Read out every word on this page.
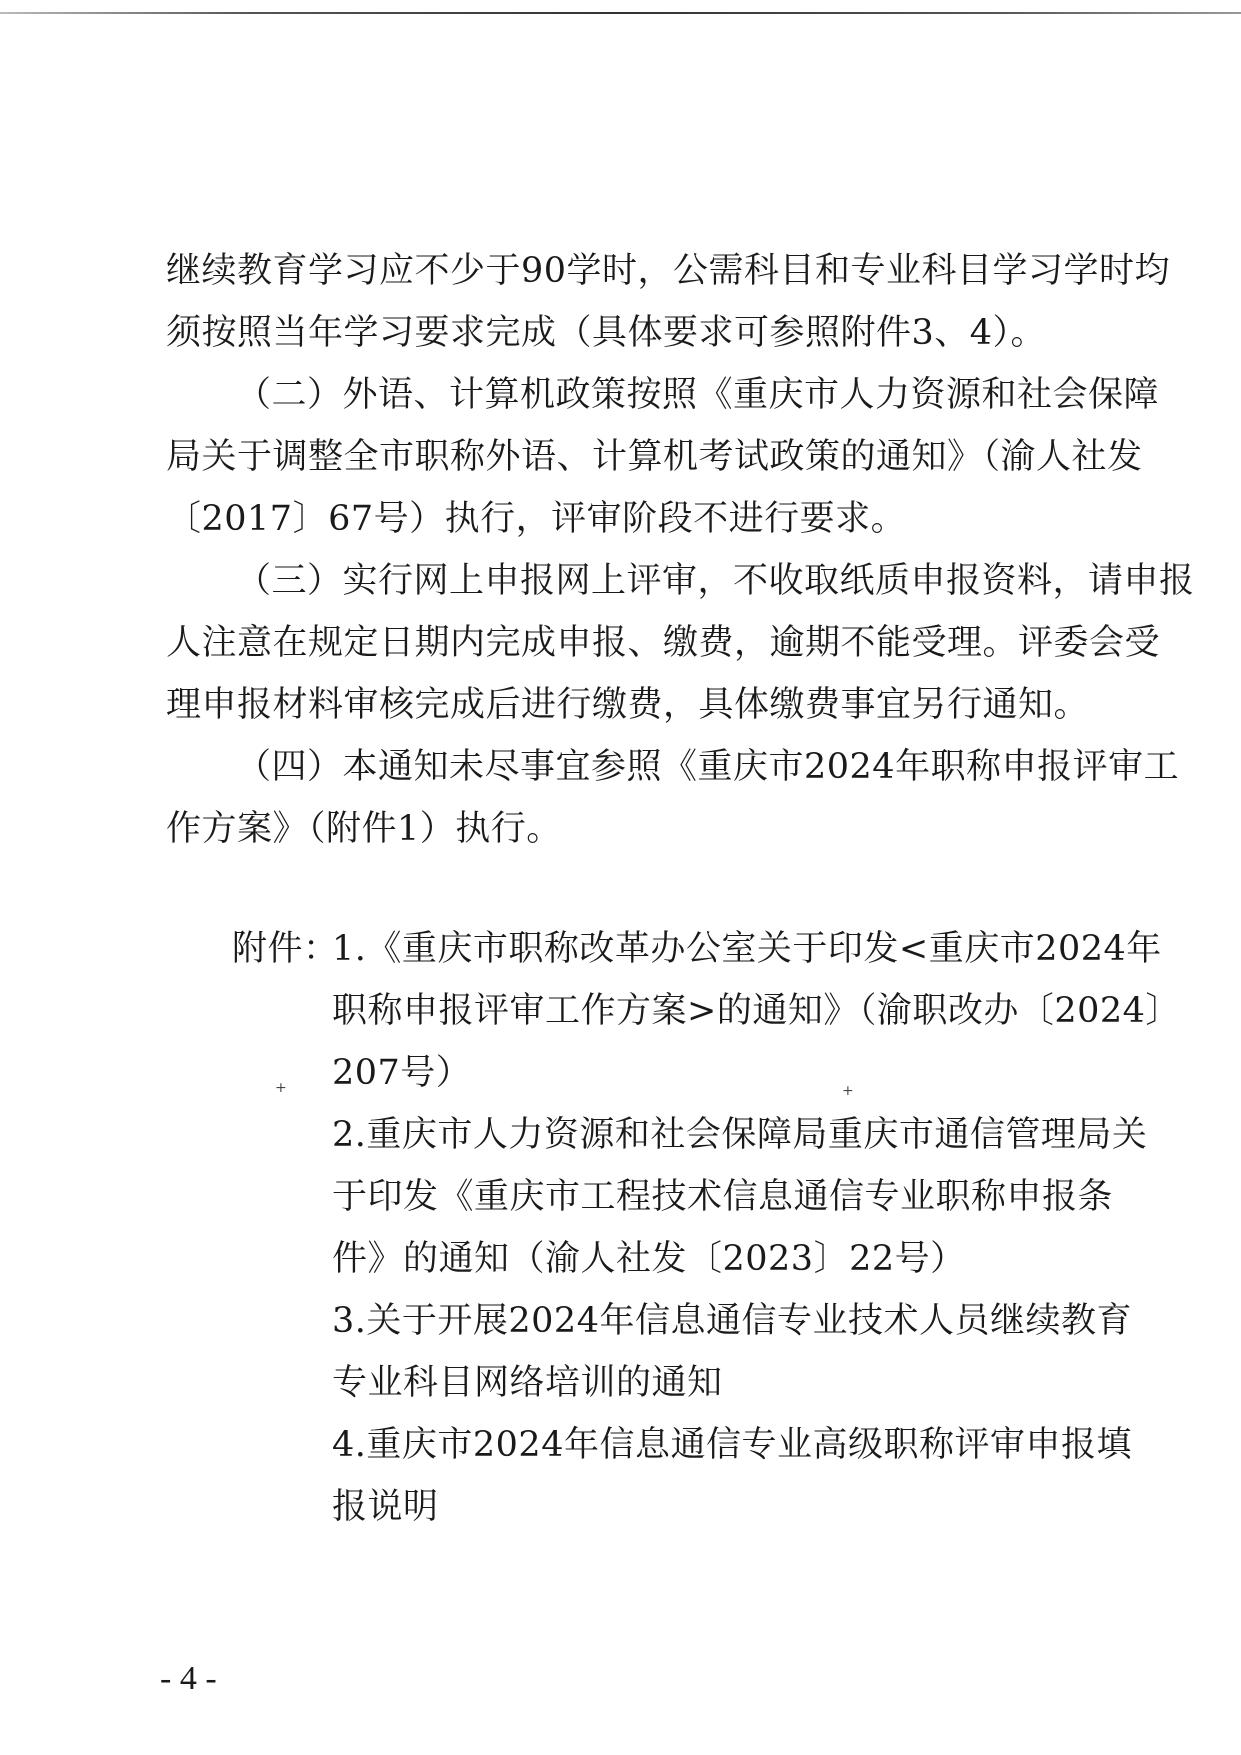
继续教育学习应不少于90学时，公需科目和专业科目学习学时均
须按照当年学习要求完成（具体要求可参照附件3、4）。
（二）外语、计算机政策按照《重庆市人力资源和社会保障
局关于调整全市职称外语、计算机考试政策的通知》（渝人社发
〔2017〕67号）执行，评审阶段不进行要求。
（三）实行网上申报网上评审，不收取纸质申报资料，请申报
人注意在规定日期内完成申报、缴费，逾期不能受理。评委会受
理申报材料审核完成后进行缴费，具体缴费事宜另行通知。
（四）本通知未尽事宜参照《重庆市2024年职称申报评审工
作方案》（附件1）执行。
附件：1.《重庆市职称改革办公室关于印发<重庆市2024年
职称申报评审工作方案>的通知》（渝职改办〔2024〕
207号）
2.重庆市人力资源和社会保障局重庆市通信管理局关
于印发《重庆市工程技术信息通信专业职称申报条
件》的通知（渝人社发〔2023〕22号）
3.关于开展2024年信息通信专业技术人员继续教育
专业科目网络培训的通知
4.重庆市2024年信息通信专业高级职称评审申报填
报说明
+	+
- 4 -
